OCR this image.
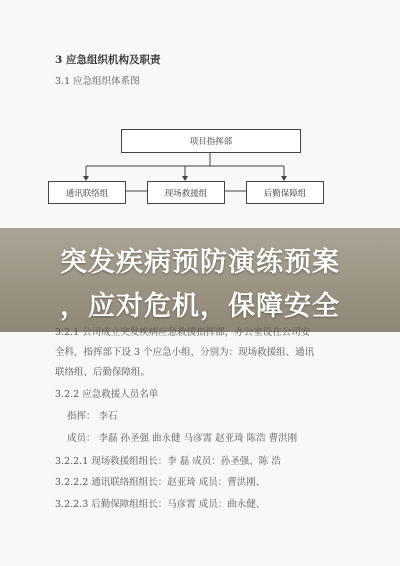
3 应急组织机构及职责
3.1 应急组织体系图
项目指挥部
通讯联络组	现场救援组	后勤保障组
突发疾病预防演练预案
，应对危机，保障安全
3.2.1 公司成立突发疾病应急救援指挥部，办公室设在公司安
全科，指挥部下设 3 个应急小组，分别为：现场救援组、通讯
联络组、后勤保障组。
3.2.2 应急救援人员名单
指挥： 李石
成员： 李磊 孙圣强 曲永健 马彦霄 赵亚琦 陈浩 曹洪刚
3.2.2.1 现场救援组组长：李 磊 成员：孙圣强、陈 浩
3.2.2.2 通讯联络组组长：赵亚琦 成员：曹洪刚、
3.2.2.3 后勤保障组组长：马彦霄 成员：曲永健、
